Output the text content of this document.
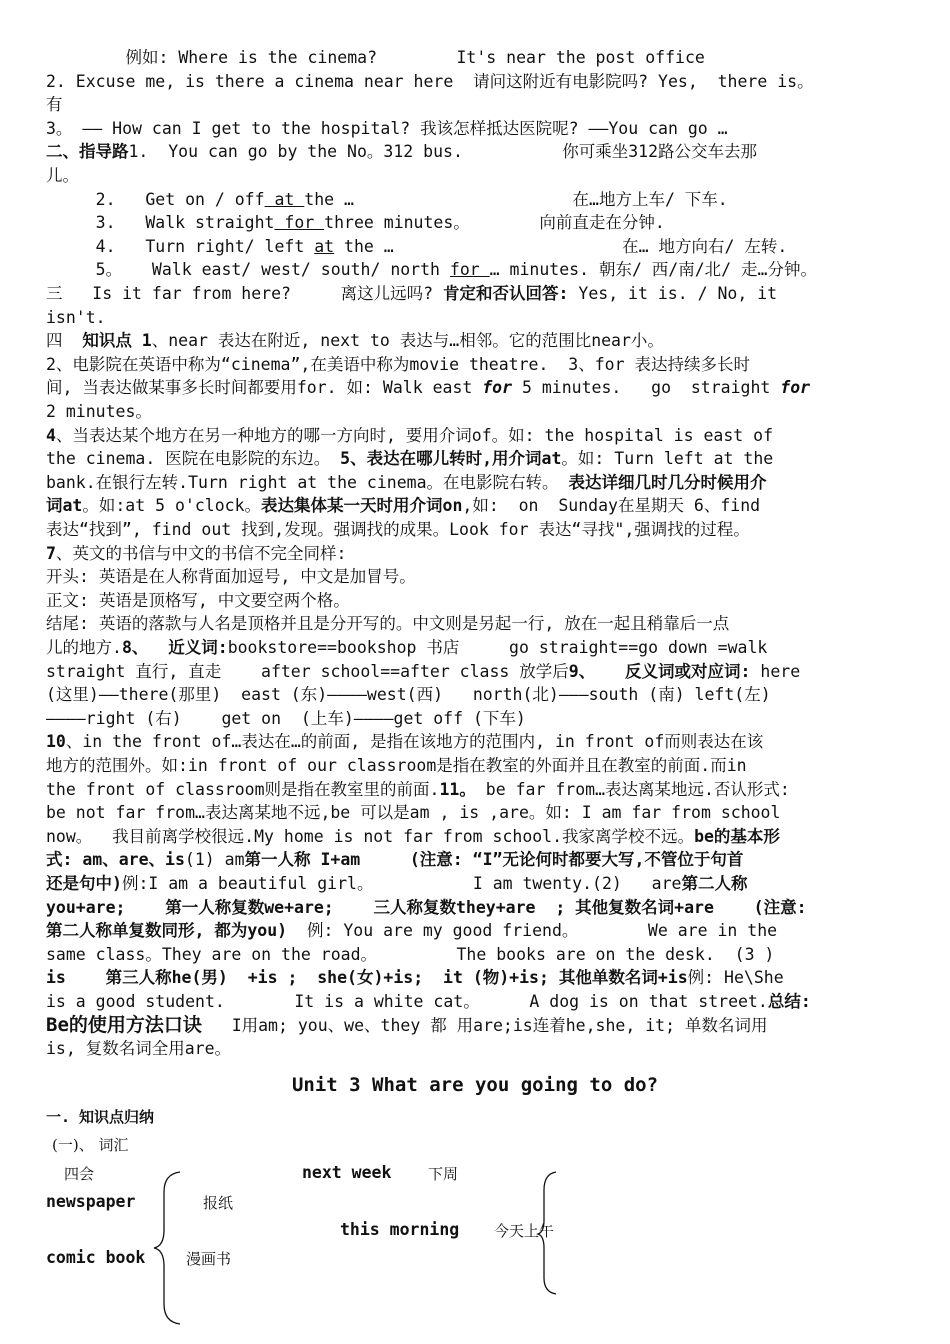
例如: Where is the cinema?        It's near the post office
2. Excuse me, is there a cinema near here  请问这附近有电影院吗? Yes,  there is。
有
3。 —— How can I get to the hospital? 我该怎样抵达医院呢? ——You can go …
二、指导路1.  You can go by the No。312 bus.          你可乘坐312路公交车去那
儿。
2.   Get on / off at the …                      在…地方上车/ 下车.
3.   Walk straight for three minutes。       向前直走在分钟.
4.   Turn right/ left at the …                       在… 地方向右/ 左转.
5。   Walk east/ west/ south/ north for … minutes. 朝东/ 西/南/北/ 走…分钟。
三   Is it far from here?     离这儿远吗? 肯定和否认回答: Yes, it is. / No, it
isn't.
四  知识点 1、near 表达在附近, next to 表达与…相邻。它的范围比near小。
2、电影院在英语中称为“cinema”,在美语中称为movie theatre.  3、for 表达持续多长时
间, 当表达做某事多长时间都要用for. 如: Walk east for 5 minutes.   go  straight for
2 minutes。
4、当表达某个地方在另一种地方的哪一方向时, 要用介词of。如: the hospital is east of
the cinema. 医院在电影院的东边。 5、表达在哪儿转时,用介词at。如: Turn left at the
bank.在银行左转.Turn right at the cinema。在电影院右转。 表达详细几时几分时候用介
词at。如:at 5 o'clock。表达集体某一天时用介词on,如:  on  Sunday在星期天 6、find
表达“找到”, find out 找到,发现。强调找的成果。Look for 表达“寻找",强调找的过程。
7、英文的书信与中文的书信不完全同样:
开头: 英语是在人称背面加逗号, 中文是加冒号。
正文: 英语是顶格写, 中文要空两个格。
结尾: 英语的落款与人名是顶格并且是分开写的。中文则是另起一行, 放在一起且稍靠后一点
儿的地方.8、  近义词:bookstore==bookshop 书店     go straight==go down =walk
straight 直行, 直走    after school==after class 放学后9、   反义词或对应词: here
(这里)——there(那里)  east (东)————west(西)   north(北)———south (南) left(左)
————right (右)    get on  (上车)————get off (下车)
10、in the front of…表达在…的前面, 是指在该地方的范围内, in front of而则表达在该
地方的范围外。如:in front of our classroom是指在教室的外面并且在教室的前面.而in
the front of classroom则是指在教室里的前面.11。 be far from…表达离某地远.否认形式:
be not far from…表达离某地不远,be 可以是am , is ,are。如: I am far from school
now。  我目前离学校很远.My home is not far from school.我家离学校不远。be的基本形
式: am、are、is(1) am第一人称 I+am     (注意: “I”无论何时都要大写,不管位于句首
还是句中)例:I am a beautiful girl。          I am twenty.(2)   are第二人称
you+are;    第一人称复数we+are;    三人称复数they+are  ; 其他复数名词+are    (注意:
第二人称单复数同形, 都为you)  例: You are my good friend。       We are in the
same class。They are on the road。        The books are on the desk.  (3 )
is    第三人称he(男)  +is ;  she(女)+is;  it (物)+is; 其他单数名词+is例: He\She
is a good student.       It is a white cat。     A dog is on that street.总结:
Be的使用方法口诀   I用am; you、we、they 都 用are;is连着he,she, it; 单数名词用
is, 复数名词全用are。
Unit 3 What are you going to do?
一. 知识点归纳
(一)、 词汇
四会
newspaper	报纸
comic book	漫画书
next week 下周
this morning 今天上午
